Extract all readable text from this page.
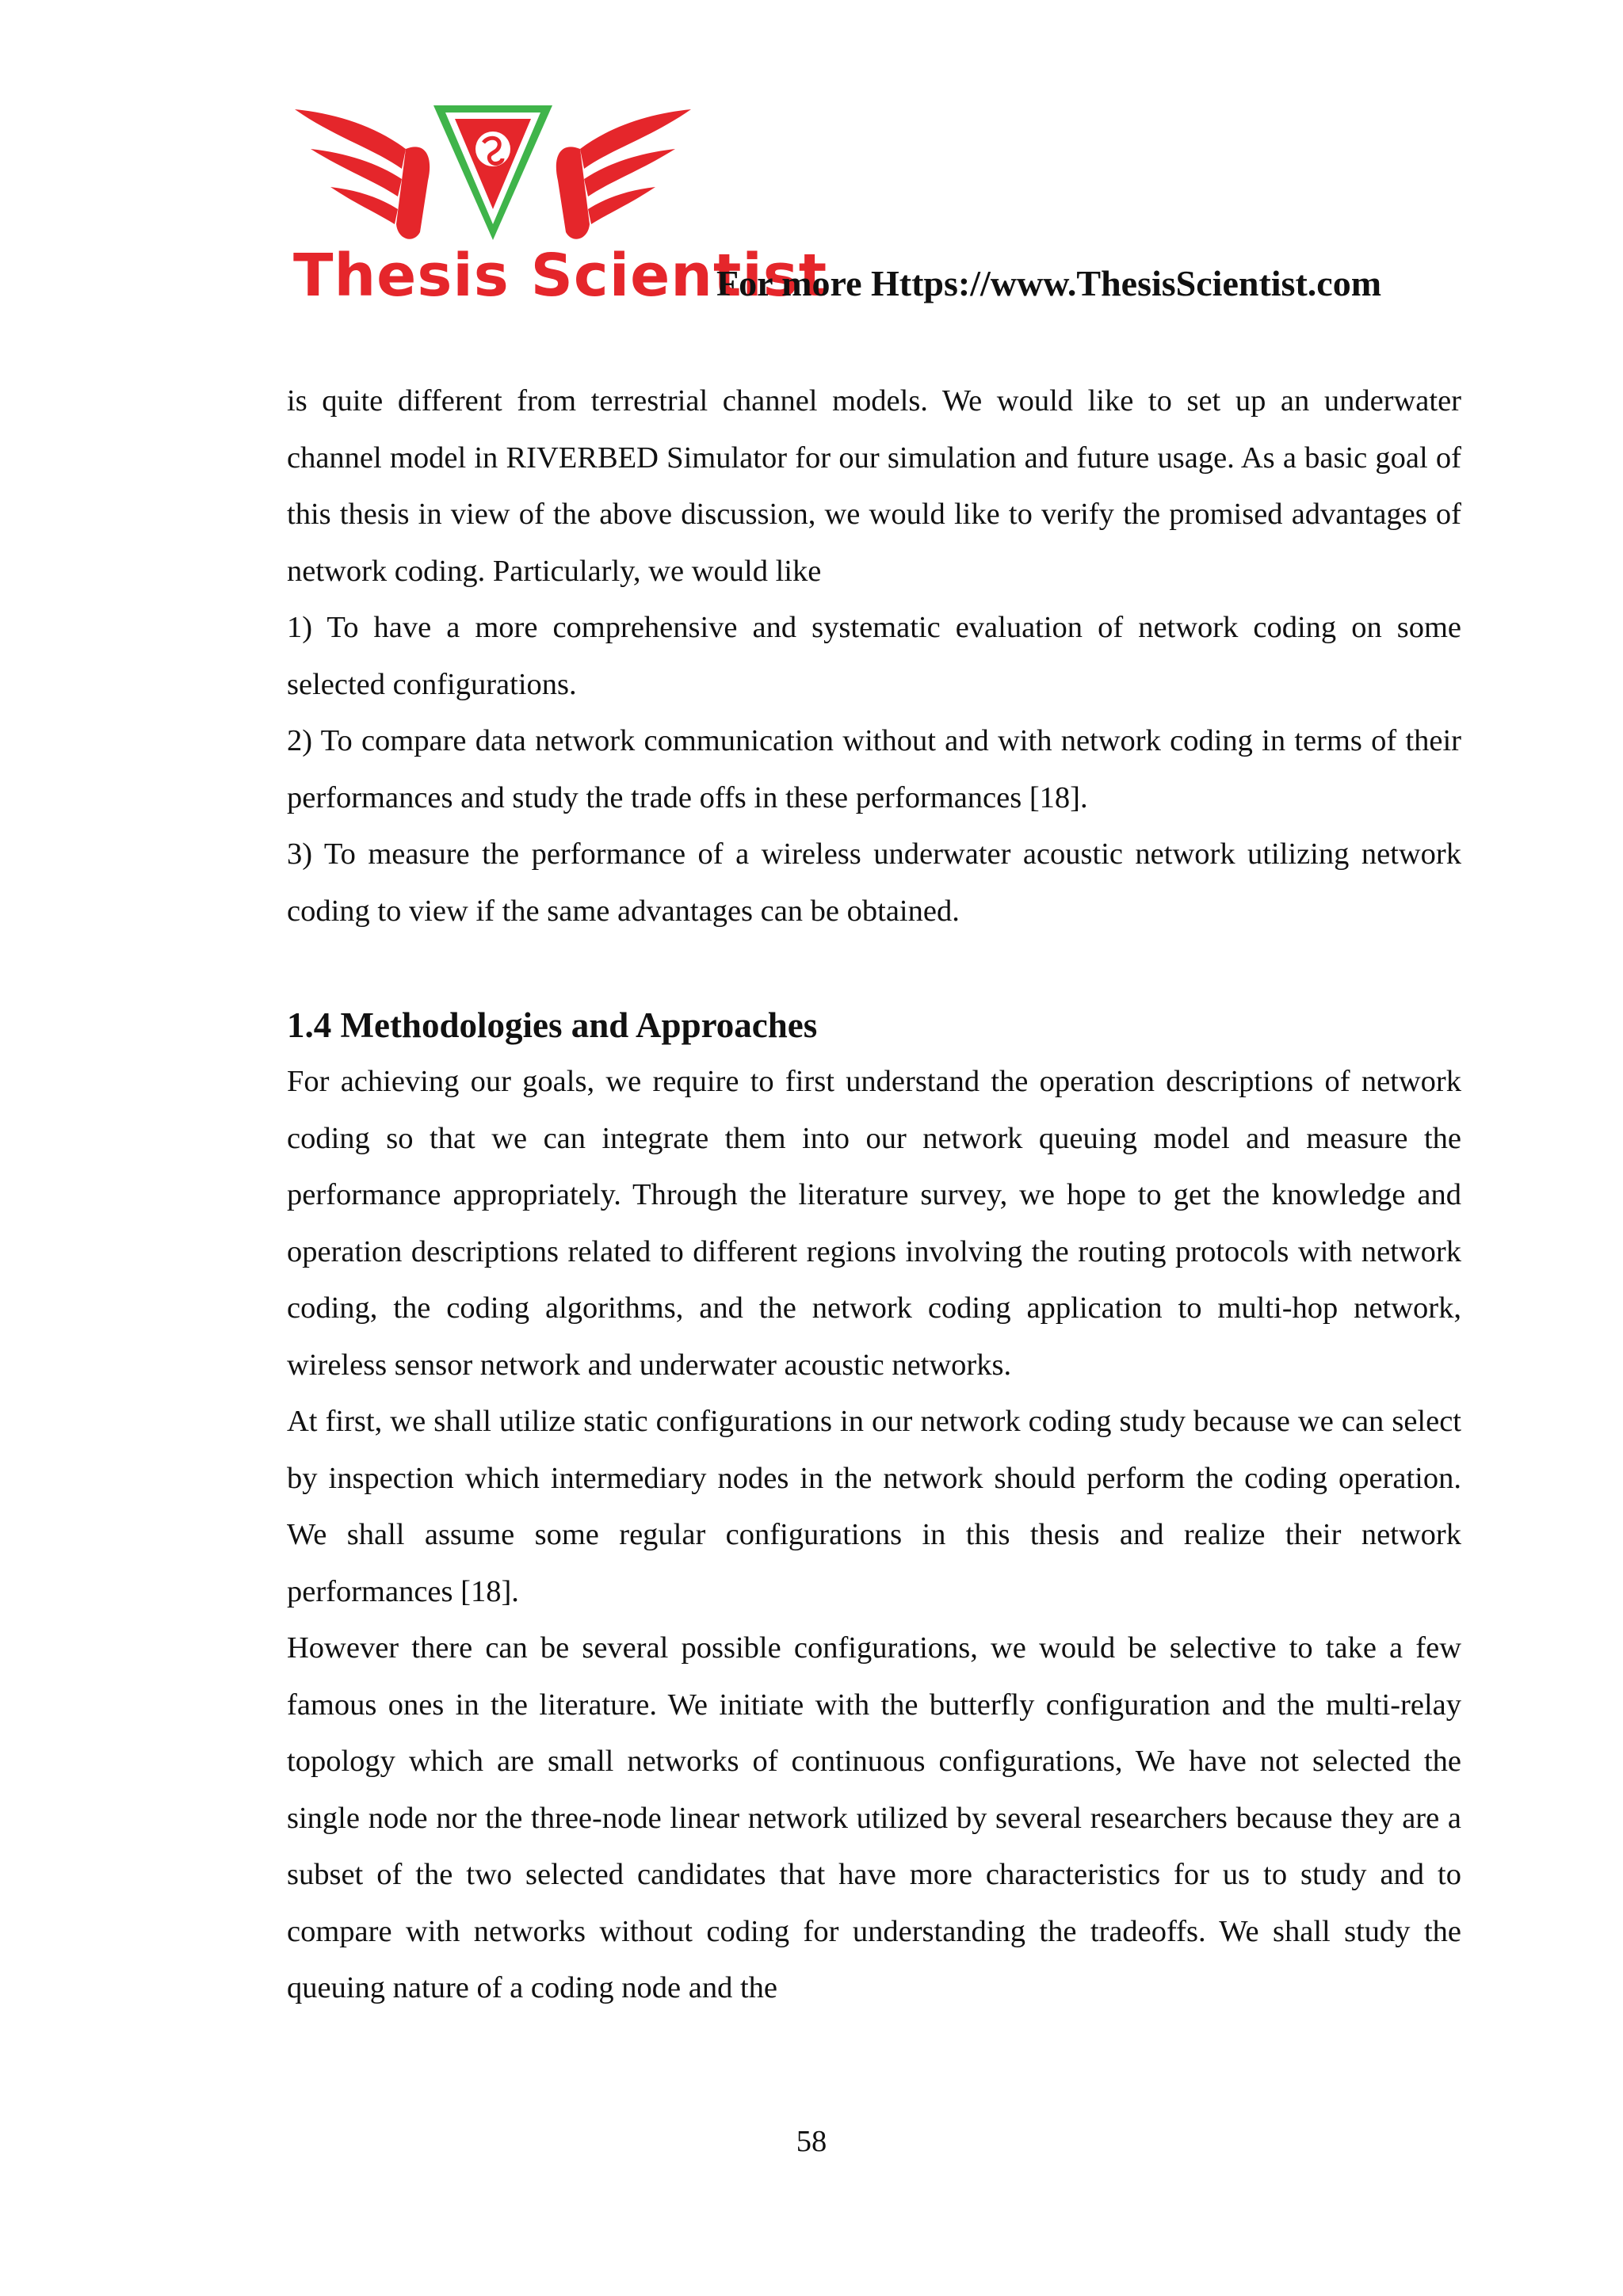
Thesis Scientist
For more Https://www.ThesisScientist.com

is quite different from terrestrial channel models. We would like to set up an underwater channel model in RIVERBED Simulator for our simulation and future usage. As a basic goal of this thesis in view of the above discussion, we would like to verify the promised advantages of network coding. Particularly, we would like

1) To have a more comprehensive and systematic evaluation of network coding on some selected configurations.

2) To compare data network communication without and with network coding in terms of their performances and study the trade offs in these performances [18].

3) To measure the performance of a wireless underwater acoustic network utilizing network coding to view if the same advantages can be obtained.

1.4 Methodologies and Approaches

For achieving our goals, we require to first understand the operation descriptions of network coding so that we can integrate them into our network queuing model and measure the performance appropriately. Through the literature survey, we hope to get the knowledge and operation descriptions related to different regions involving the routing protocols with network coding, the coding algorithms, and the network coding application to multi-hop network, wireless sensor network and underwater acoustic networks.

At first, we shall utilize static configurations in our network coding study because we can select by inspection which intermediary nodes in the network should perform the coding operation. We shall assume some regular configurations in this thesis and realize their network performances [18].

However there can be several possible configurations, we would be selective to take a few famous ones in the literature. We initiate with the butterfly configuration and the multi-relay topology which are small networks of continuous configurations, We have not selected the single node nor the three-node linear network utilized by several researchers because they are a subset of the two selected candidates that have more characteristics for us to study and to compare with networks without coding for understanding the tradeoffs. We shall study the queuing nature of a coding node and the

58
